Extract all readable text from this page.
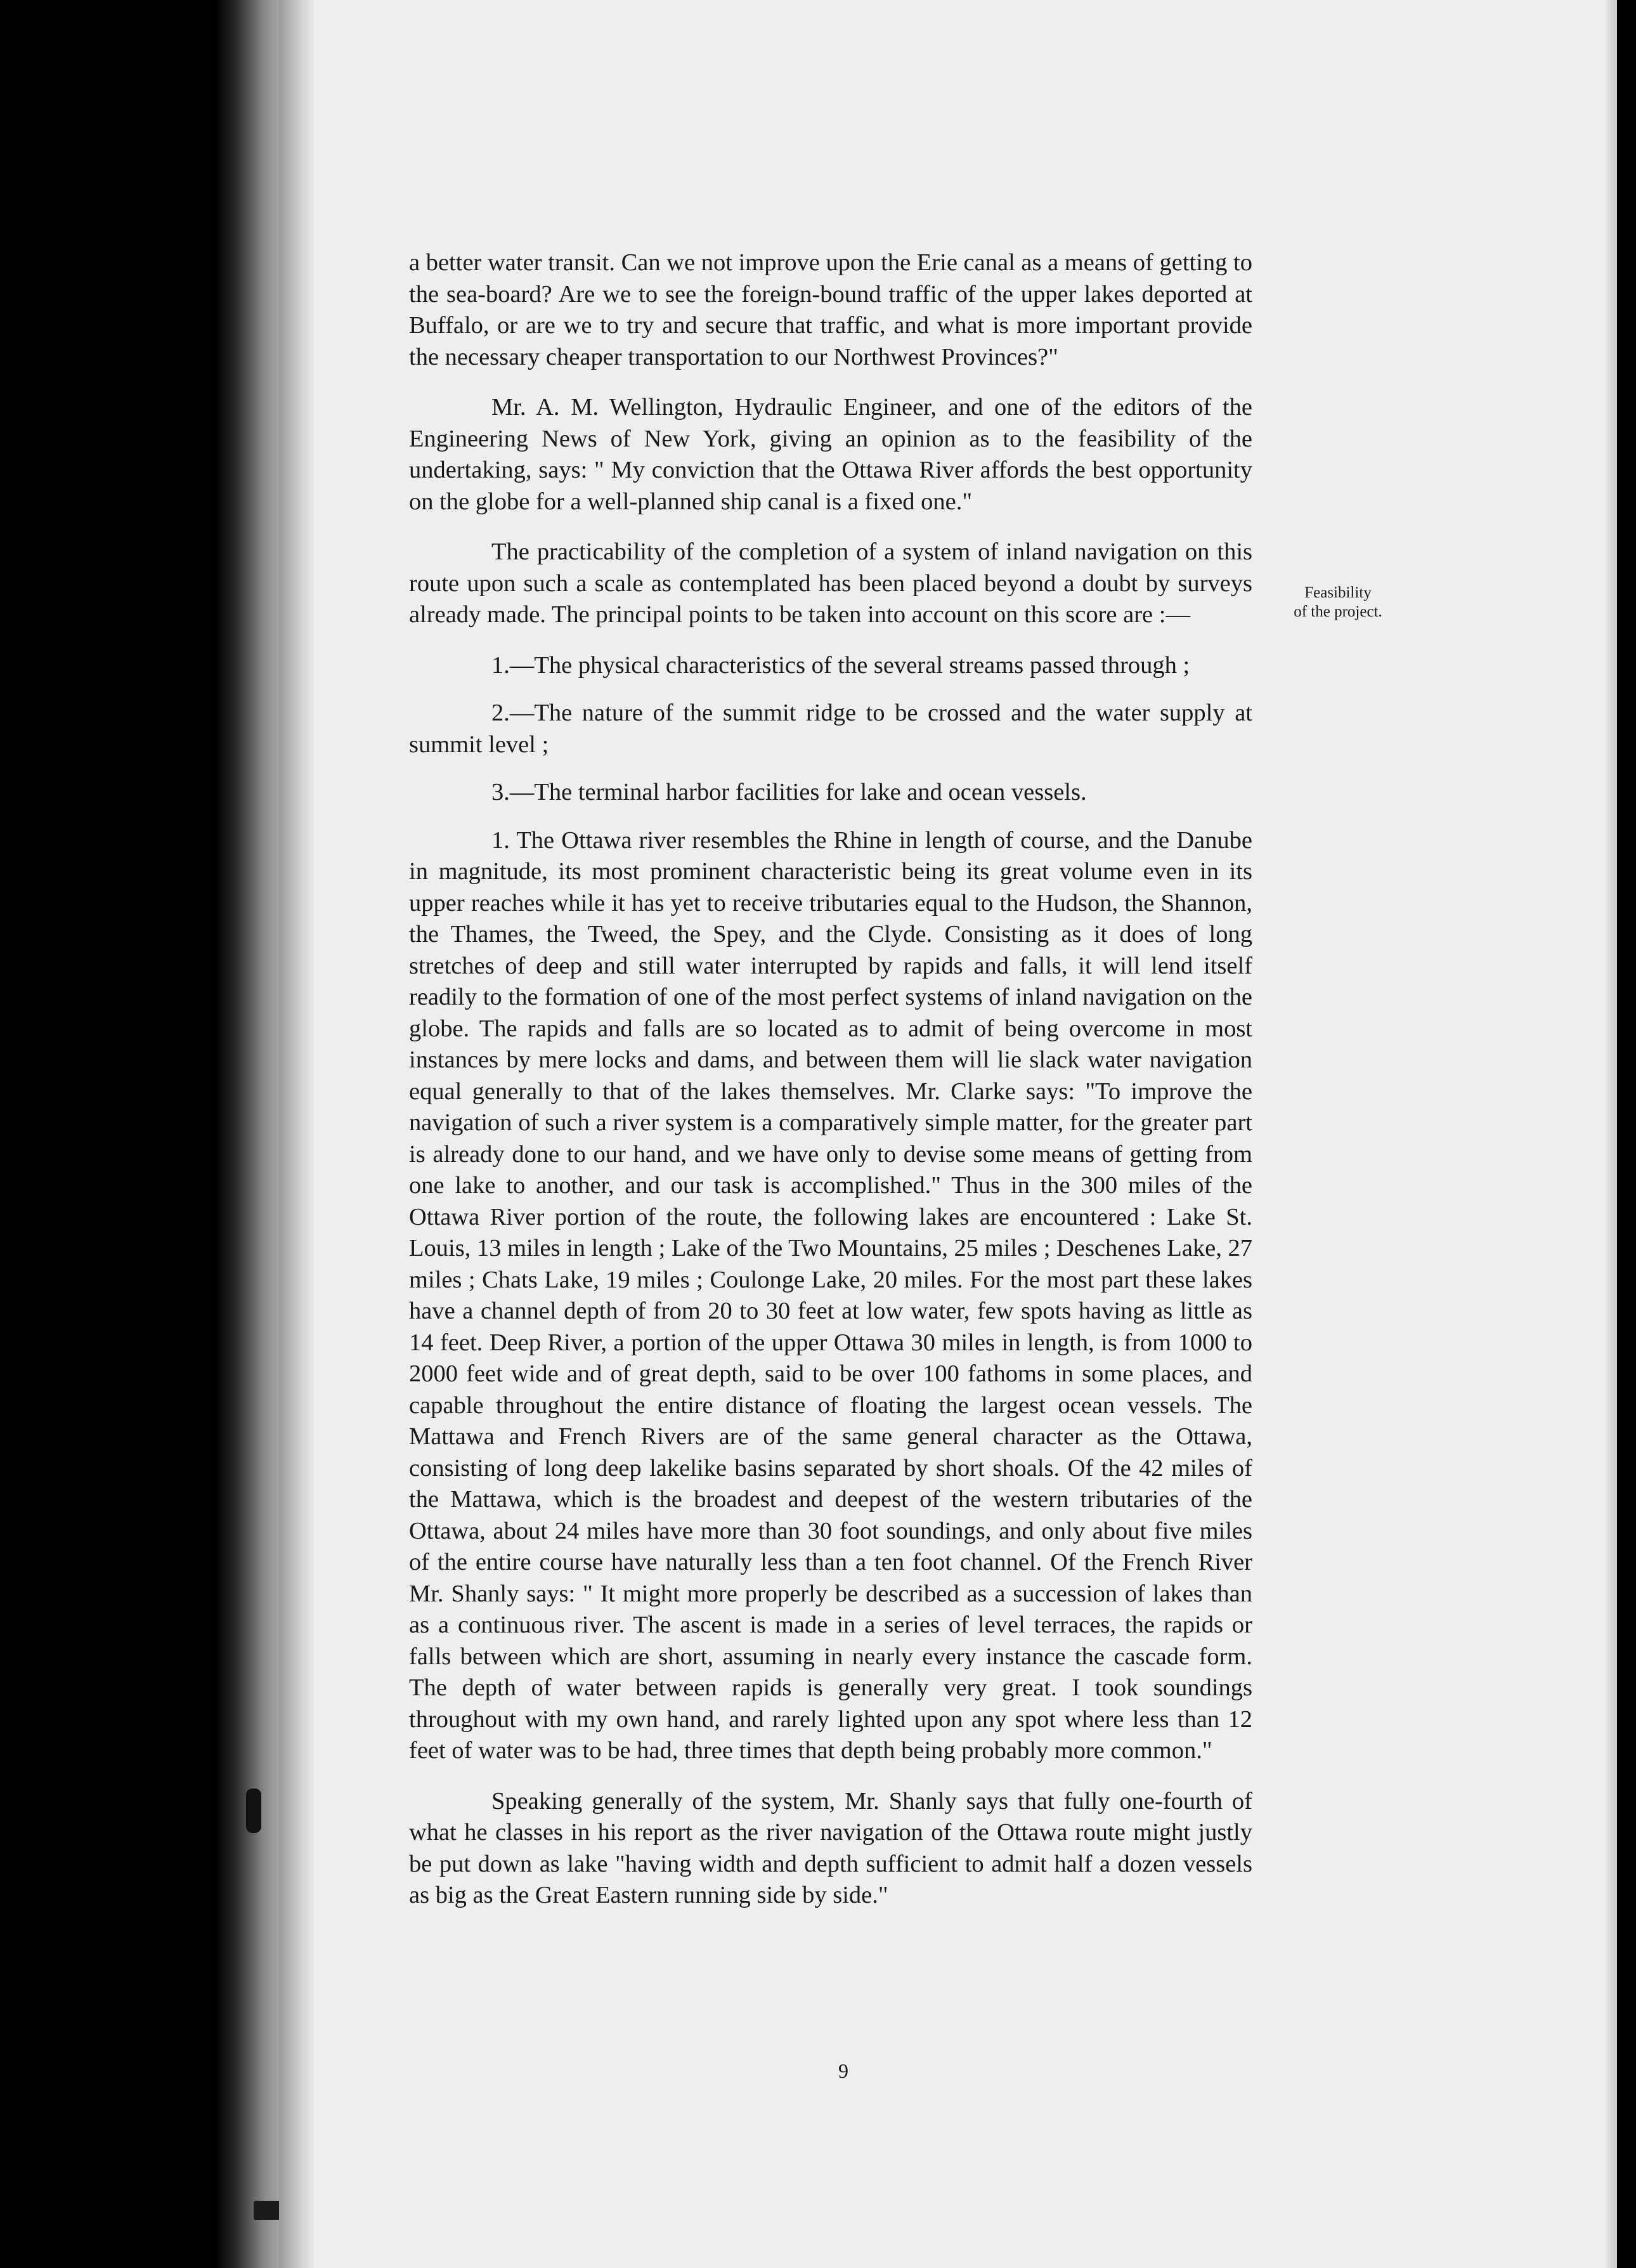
a better water transit. Can we not improve upon the Erie canal as a means of getting to the sea-board? Are we to see the foreign-bound traffic of the upper lakes deported at Buffalo, or are we to try and secure that traffic, and what is more important provide the necessary cheaper transportation to our Northwest Provinces?"

Mr. A. M. Wellington, Hydraulic Engineer, and one of the editors of the Engineering News of New York, giving an opinion as to the feasibility of the undertaking, says: " My conviction that the Ottawa River affords the best opportunity on the globe for a well-planned ship canal is a fixed one."

The practicability of the completion of a system of inland navigation on this route upon such a scale as contemplated has been placed beyond a doubt by surveys already made. The principal points to be taken into account on this score are :—

1.—The physical characteristics of the several streams passed through ;

2.—The nature of the summit ridge to be crossed and the water supply at summit level ;

3.—The terminal harbor facilities for lake and ocean vessels.

1. The Ottawa river resembles the Rhine in length of course, and the Danube in magnitude, its most prominent characteristic being its great volume even in its upper reaches while it has yet to receive tributaries equal to the Hudson, the Shannon, the Thames, the Tweed, the Spey, and the Clyde. Consisting as it does of long stretches of deep and still water interrupted by rapids and falls, it will lend itself readily to the formation of one of the most perfect systems of inland navigation on the globe. The rapids and falls are so located as to admit of being overcome in most instances by mere locks and dams, and between them will lie slack water navigation equal generally to that of the lakes themselves. Mr. Clarke says: "To improve the navigation of such a river system is a comparatively simple matter, for the greater part is already done to our hand, and we have only to devise some means of getting from one lake to another, and our task is accomplished." Thus in the 300 miles of the Ottawa River portion of the route, the following lakes are encountered : Lake St. Louis, 13 miles in length ; Lake of the Two Mountains, 25 miles ; Deschenes Lake, 27 miles ; Chats Lake, 19 miles ; Coulonge Lake, 20 miles. For the most part these lakes have a channel depth of from 20 to 30 feet at low water, few spots having as little as 14 feet. Deep River, a portion of the upper Ottawa 30 miles in length, is from 1000 to 2000 feet wide and of great depth, said to be over 100 fathoms in some places, and capable throughout the entire distance of floating the largest ocean vessels. The Mattawa and French Rivers are of the same general character as the Ottawa, consisting of long deep lakelike basins separated by short shoals. Of the 42 miles of the Mattawa, which is the broadest and deepest of the western tributaries of the Ottawa, about 24 miles have more than 30 foot soundings, and only about five miles of the entire course have naturally less than a ten foot channel. Of the French River Mr. Shanly says: " It might more properly be described as a succession of lakes than as a continuous river. The ascent is made in a series of level terraces, the rapids or falls between which are short, assuming in nearly every instance the cascade form. The depth of water between rapids is generally very great. I took soundings throughout with my own hand, and rarely lighted upon any spot where less than 12 feet of water was to be had, three times that depth being probably more common."

Speaking generally of the system, Mr. Shanly says that fully one-fourth of what he classes in his report as the river navigation of the Ottawa route might justly be put down as lake "having width and depth sufficient to admit half a dozen vessels as big as the Great Eastern running side by side."

Feasibility
of the project.
9
